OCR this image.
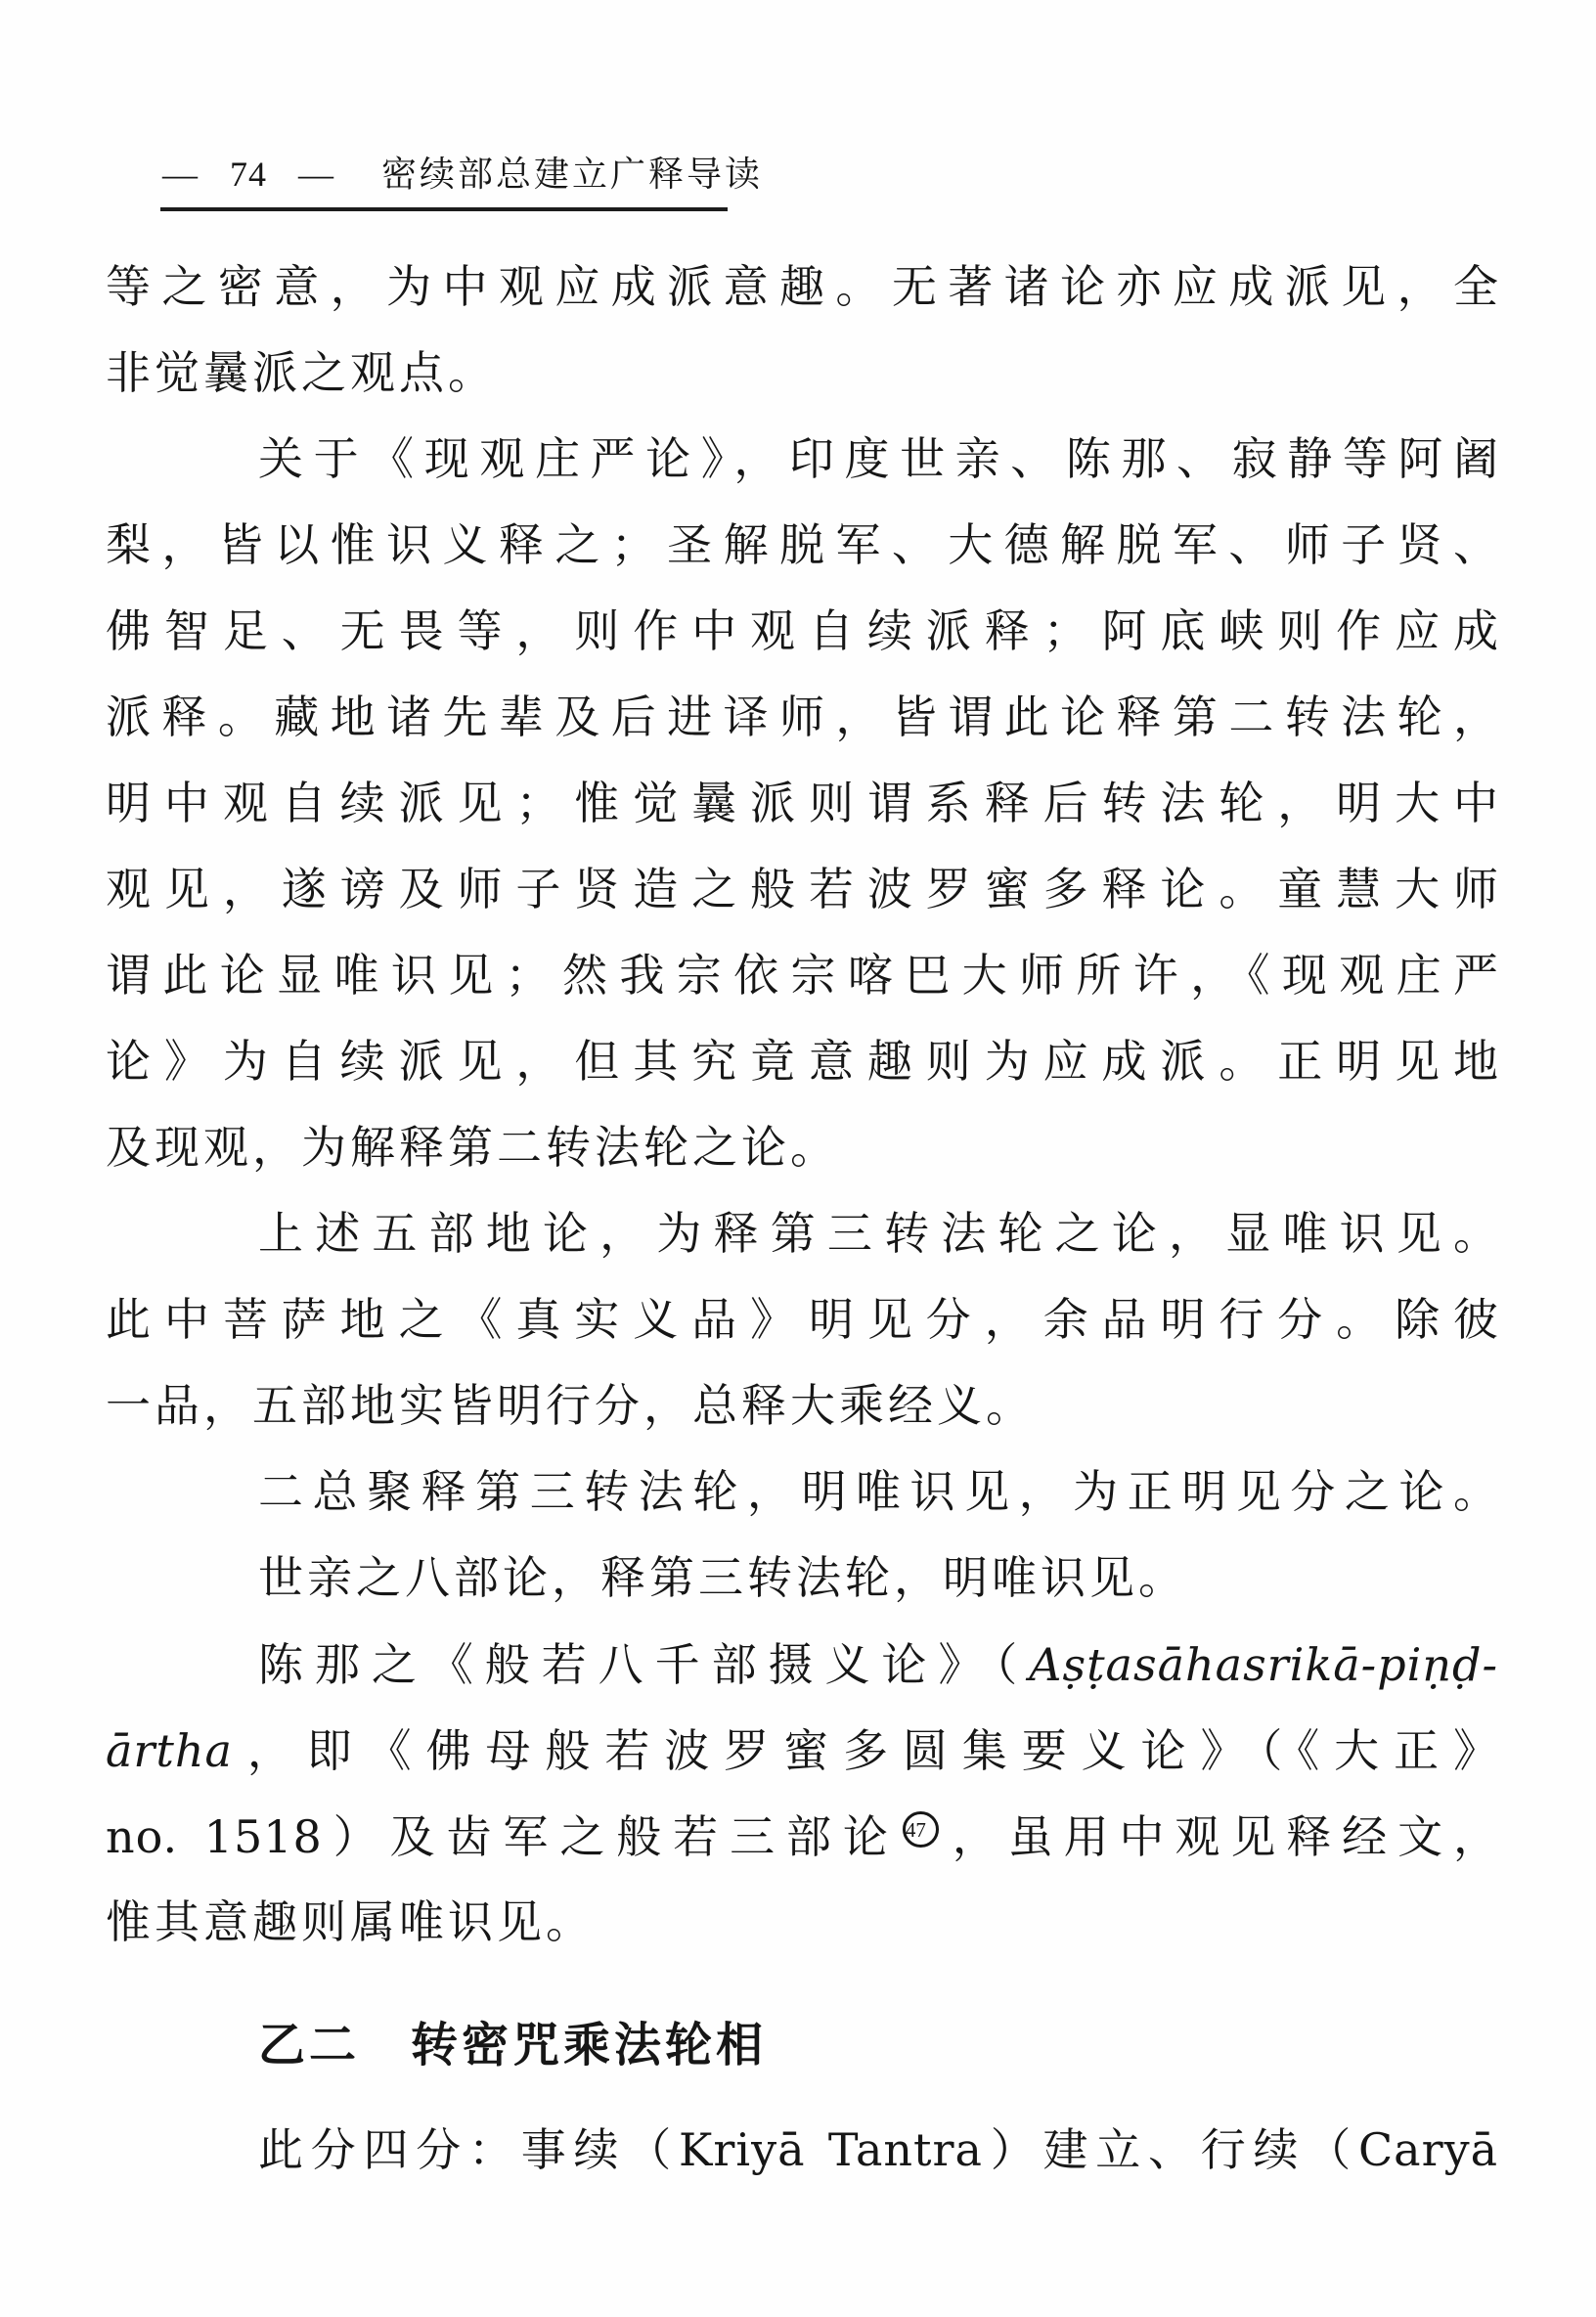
— 74 — 密续部总建立广释导读
等之密意，为中观应成派意趣。无著诸论亦应成派见，全
非觉曩派之观点。
关于《现观庄严论》，印度世亲、陈那、寂静等阿阇
梨，皆以惟识义释之；圣解脱军、大德解脱军、师子贤、
佛智足、无畏等，则作中观自续派释；阿底峡则作应成
派释。藏地诸先辈及后进译师，皆谓此论释第二转法轮，
明中观自续派见；惟觉曩派则谓系释后转法轮，明大中
观见，遂谤及师子贤造之般若波罗蜜多释论。童慧大师
谓此论显唯识见；然我宗依宗喀巴大师所许，《现观庄严
论》为自续派见，但其究竟意趣则为应成派。正明见地
及现观，为解释第二转法轮之论。
上述五部地论，为释第三转法轮之论，显唯识见。
此中菩萨地之《真实义品》明见分，余品明行分。除彼
一品，五部地实皆明行分，总释大乘经义。
二总聚释第三转法轮，明唯识见，为正明见分之论。
世亲之八部论，释第三转法轮，明唯识见。
陈那之《般若八千部摄义论》（Aṣṭasāhasrikā-piṇḍ-
ārtha，即《佛母般若波罗蜜多圆集要义论》（《大正》
no. 1518）及齿军之般若三部论 47 ，虽用中观见释经文，
惟其意趣则属唯识见。
乙二 转密咒乘法轮相
此分四分：事续（Kriyā Tantra）建立、行续（Caryā
